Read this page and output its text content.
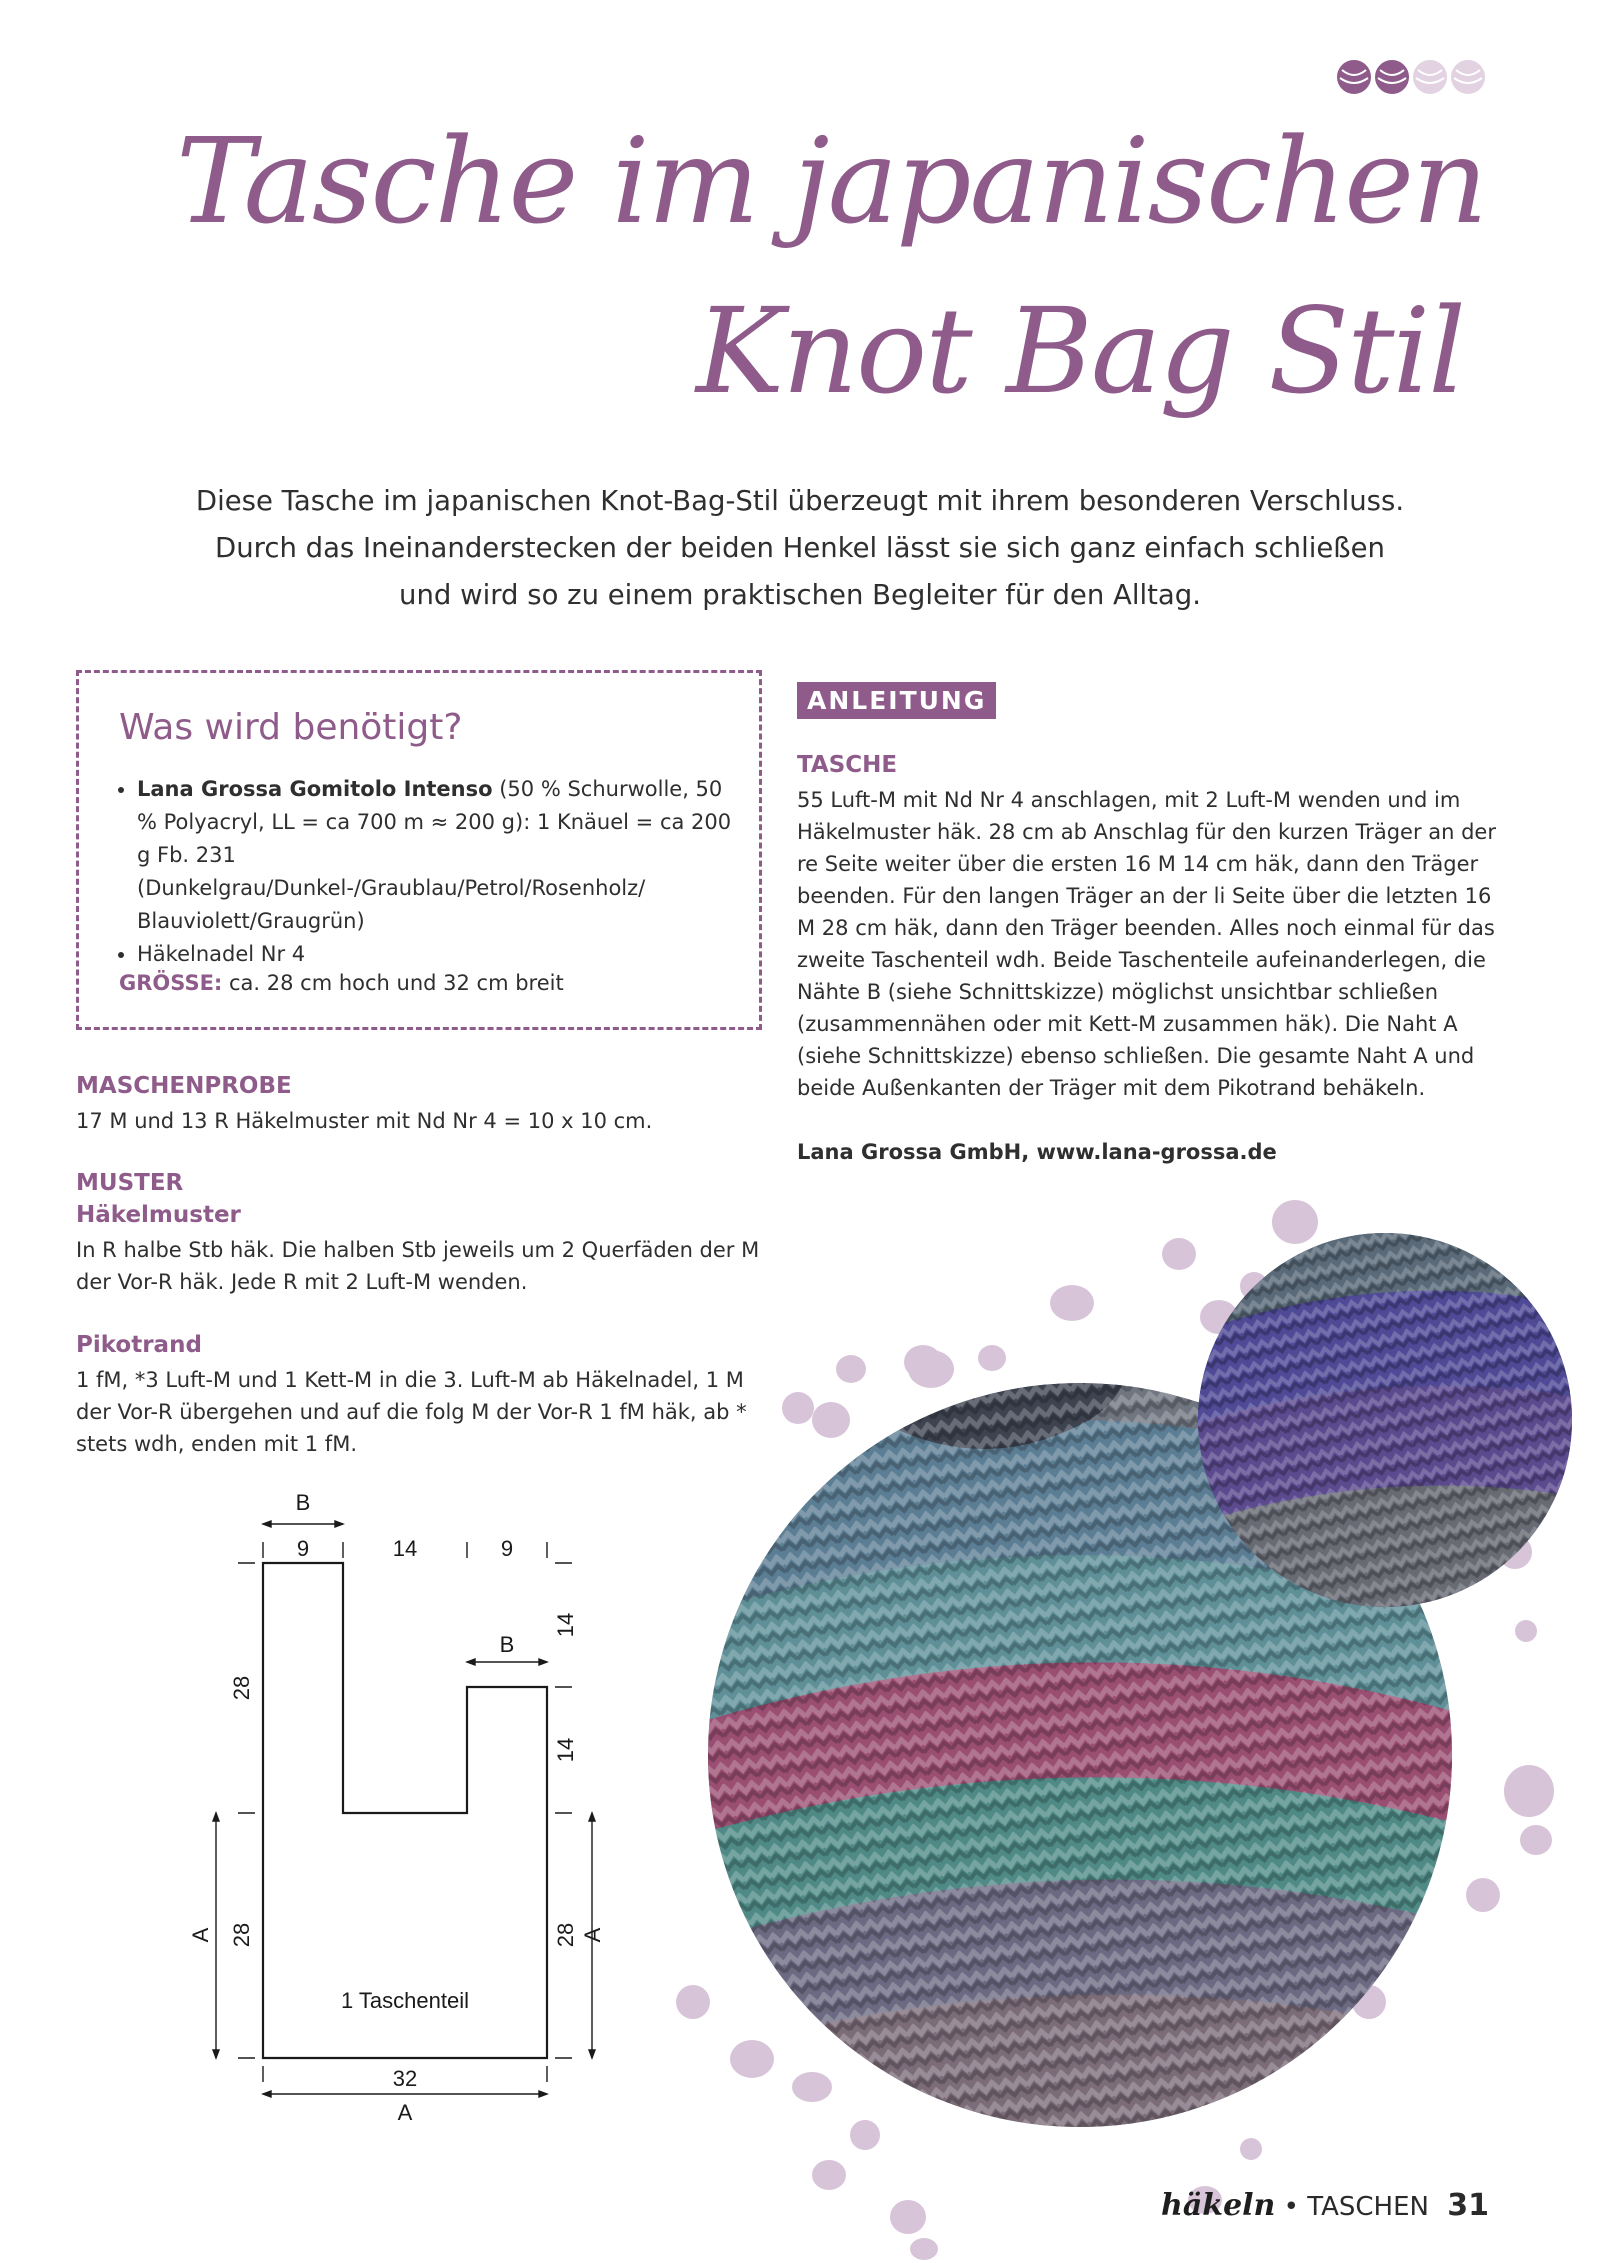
Tasche im japanischen
Knot Bag Stil
Diese Tasche im japanischen Knot-Bag-Stil überzeugt mit ihrem besonderen Verschluss.
Durch das Ineinanderstecken der beiden Henkel lässt sie sich ganz einfach schließen
und wird so zu einem praktischen Begleiter für den Alltag.
Was wird benötigt?
• Lana Grossa Gomitolo Intenso (50 % Schurwolle, 50 % Polyacryl, LL = ca 700 m ≈ 200 g): 1 Knäuel = ca 200 g Fb. 231 (Dunkelgrau/Dunkel-/Graublau/Petrol/Rosenholz/ Blauviolett/Graugrün)
• Häkelnadel Nr 4
GRÖSSE: ca. 28 cm hoch und 32 cm breit
MASCHENPROBE
17 M und 13 R Häkelmuster mit Nd Nr 4 = 10 x 10 cm.
MUSTER
Häkelmuster
In R halbe Stb häk. Die halben Stb jeweils um 2 Querfäden der M der Vor-R häk. Jede R mit 2 Luft-M wenden.
Pikotrand
1 fM, *3 Luft-M und 1 Kett-M in die 3. Luft-M ab Häkelnadel, 1 M der Vor-R übergehen und auf die folg M der Vor-R 1 fM häk, ab * stets wdh, enden mit 1 fM.
ANLEITUNG
TASCHE
55 Luft-M mit Nd Nr 4 anschlagen, mit 2 Luft-M wenden und im Häkelmuster häk. 28 cm ab Anschlag für den kurzen Träger an der re Seite weiter über die ersten 16 M 14 cm häk, dann den Träger beenden. Für den langen Träger an der li Seite über die letzten 16 M 28 cm häk, dann den Träger beenden. Alles noch einmal für das zweite Taschenteil wdh. Beide Taschenteile aufeinanderlegen, die Nähte B (siehe Schnittskizze) möglichst unsichtbar schließen (zusammennähen oder mit Kett-M zusammen häk). Die Naht A (siehe Schnittskizze) ebenso schließen. Die gesamte Naht A und beide Außenkanten der Träger mit dem Pikotrand behäkeln.
Lana Grossa GmbH, www.lana-grossa.de
B
9	14	9
B
14
14
28
28	28
A	A
32
A
1 Taschenteil
häkeln • TASCHEN 31
